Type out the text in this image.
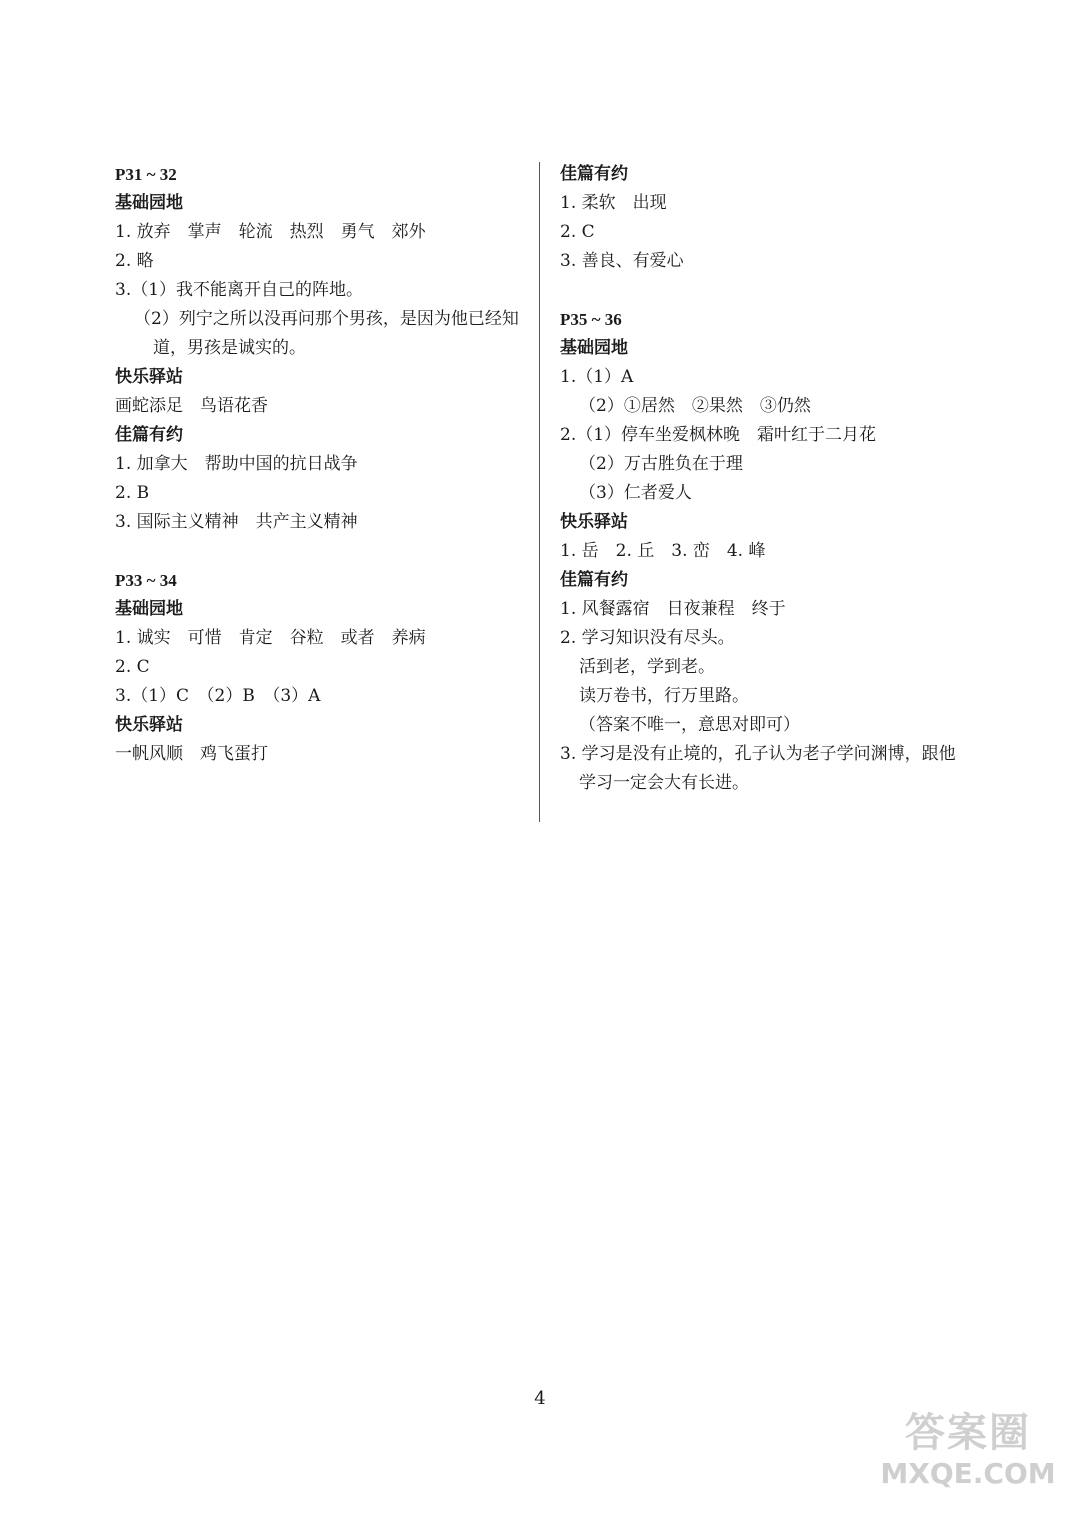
P31 ~ 32
基础园地
1. 放弃　掌声　轮流　热烈　勇气　郊外
2. 略
3.（1）我不能离开自己的阵地。
（2）列宁之所以没再问那个男孩，是因为他已经知
道，男孩是诚实的。
快乐驿站
画蛇添足　鸟语花香
佳篇有约
1. 加拿大　帮助中国的抗日战争
2. B
3. 国际主义精神　共产主义精神
P33 ~ 34
基础园地
1. 诚实　可惜　肯定　谷粒　或者　养病
2. C
3.（1）C　（2）B　（3）A
快乐驿站
一帆风顺　鸡飞蛋打
佳篇有约
1. 柔软　出现
2. C
3. 善良、有爱心
P35 ~ 36
基础园地
1.（1）A
（2）①居然　②果然　③仍然
2.（1）停车坐爱枫林晚　霜叶红于二月花
（2）万古胜负在于理
（3）仁者爱人
快乐驿站
1. 岳　2. 丘　3. 峦　4. 峰
佳篇有约
1. 风餐露宿　日夜兼程　终于
2. 学习知识没有尽头。
活到老，学到老。
读万卷书，行万里路。
（答案不唯一，意思对即可）
3. 学习是没有止境的，孔子认为老子学问渊博，跟他
学习一定会大有长进。
4
答案圈
MXQE.COM
